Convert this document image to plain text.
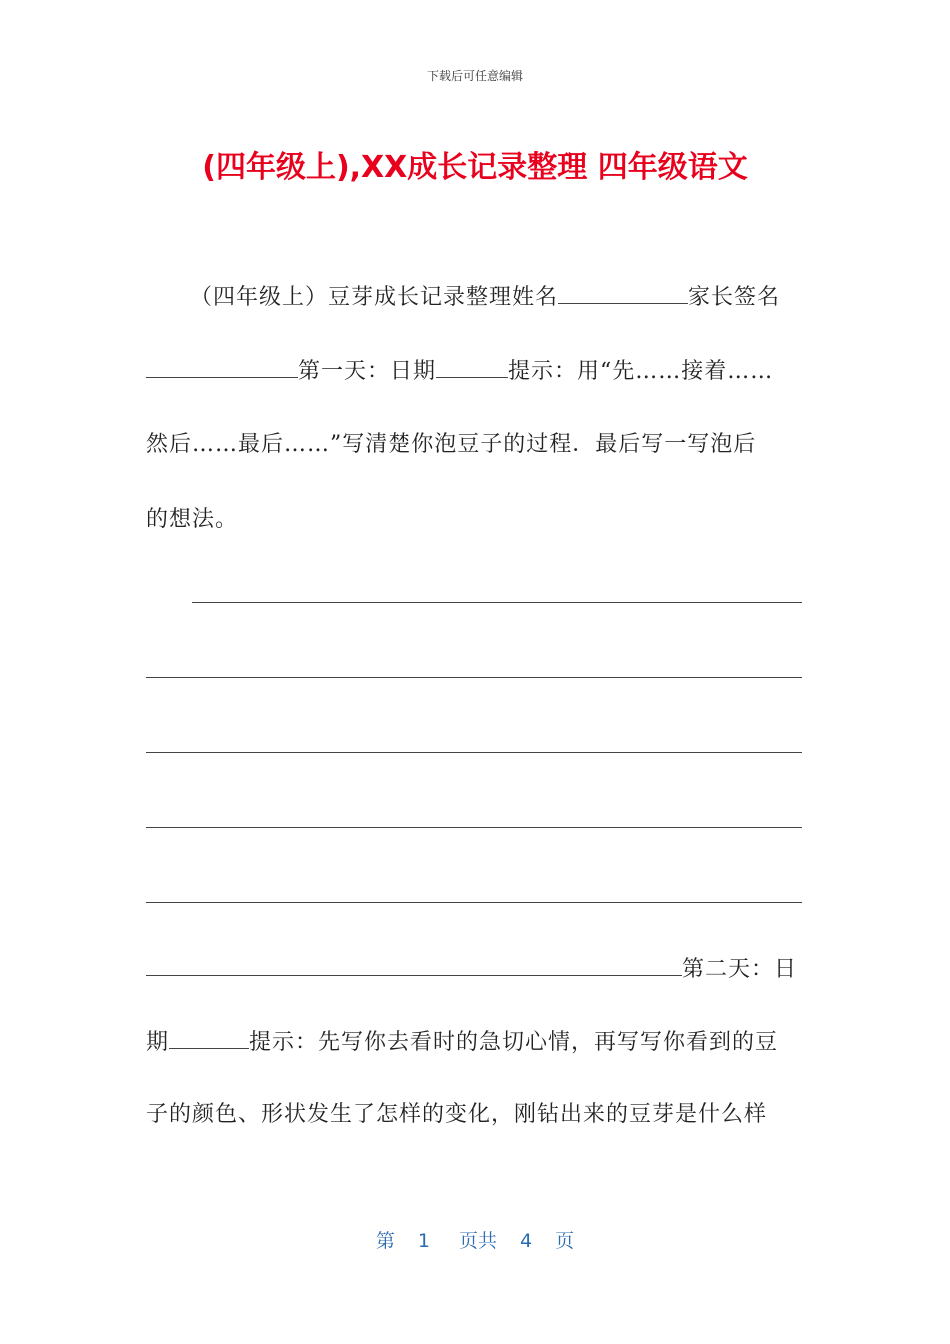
下载后可任意编辑
(四年级上),XX成长记录整理 四年级语文
（四年级上）豆芽成长记录整理姓名	家长签名
第一天：日期	提示：用“先……接着……
然后……最后……”写清楚你泡豆子的过程．最后写一写泡后
的想法。
第二天：日
期	提示：先写你去看时的急切心情，再写写你看到的豆
子的颜色、形状发生了怎样的变化，刚钻出来的豆芽是什么样
第 1 页共 4 页
